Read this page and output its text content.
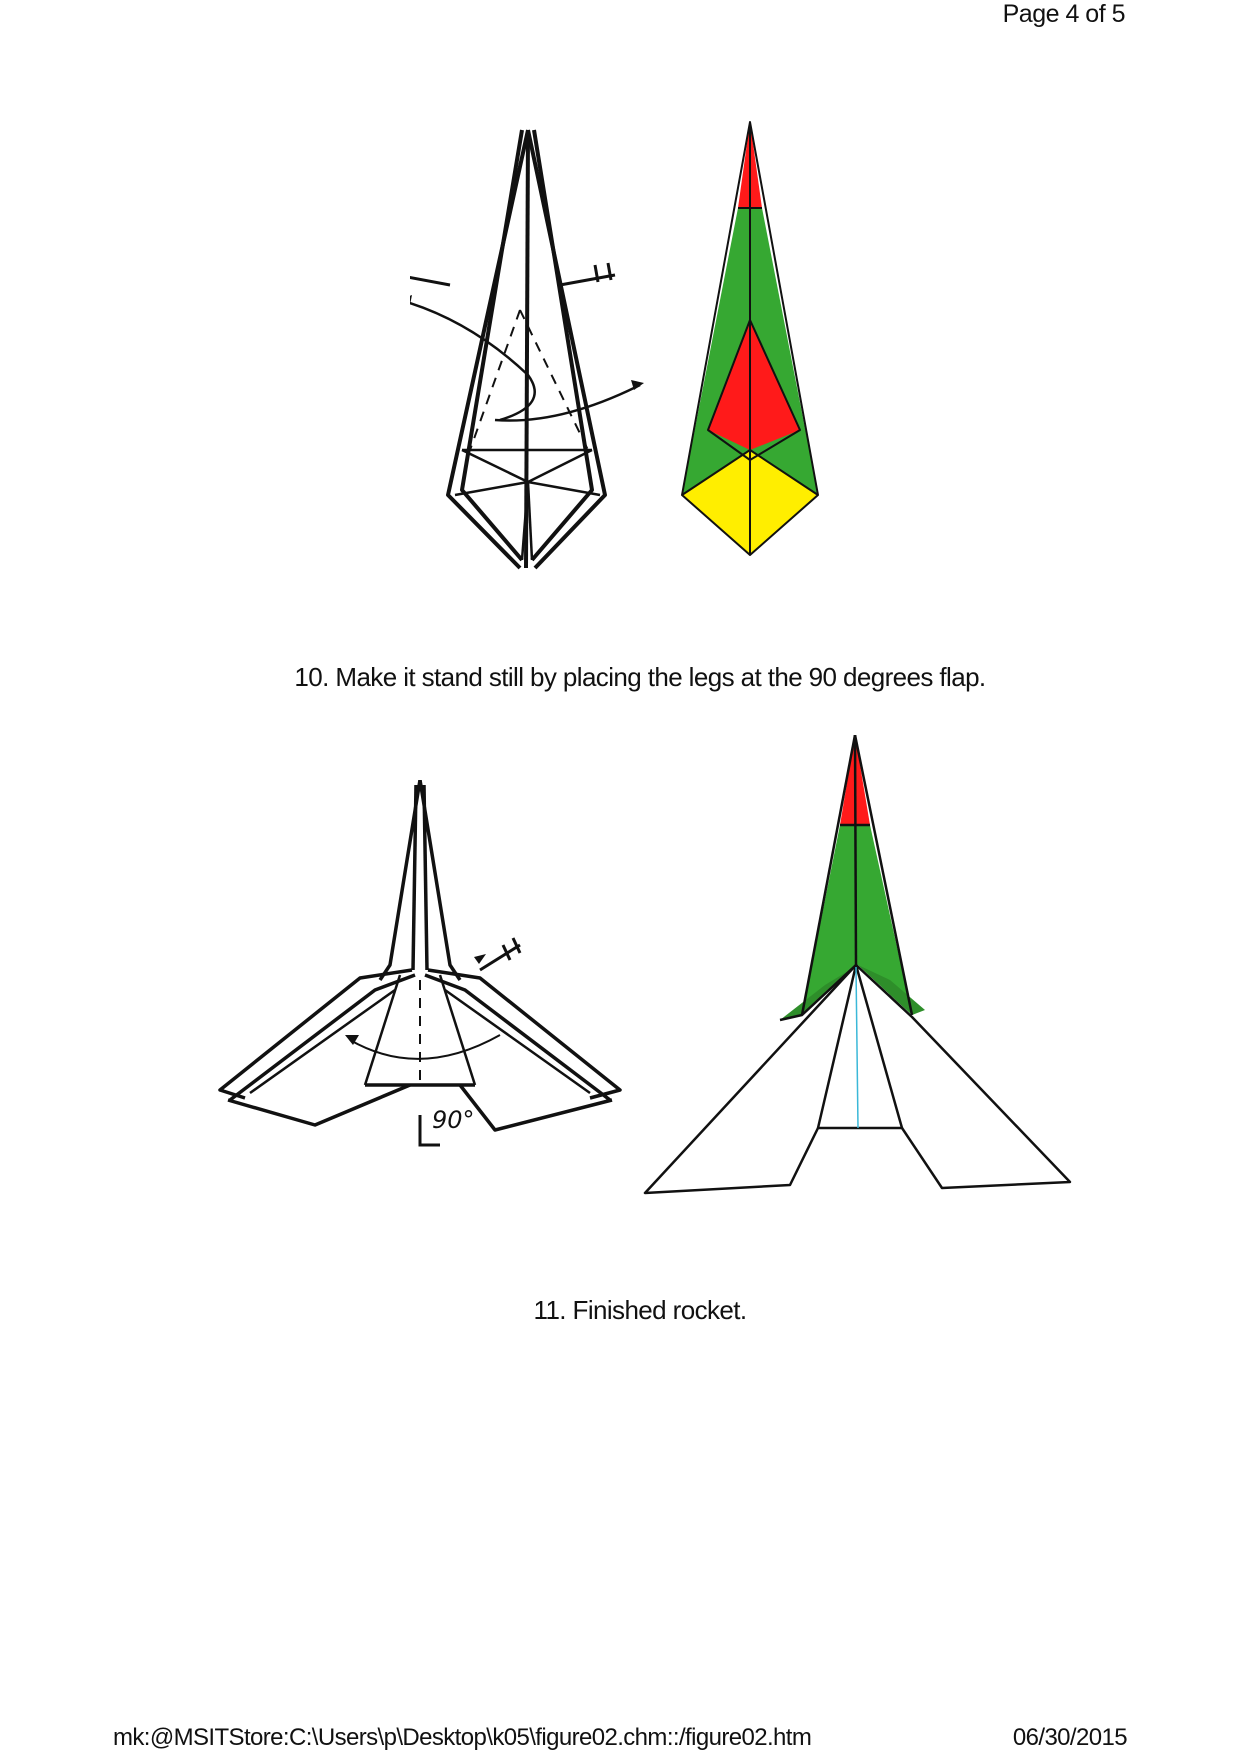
Page 4 of 5
10. Make it stand still by placing the legs at the 90 degrees flap.
90°
11. Finished rocket.
mk:@MSITStore:C:\Users\p\Desktop\k05\figure02.chm::/figure02.htm	06/30/2015
